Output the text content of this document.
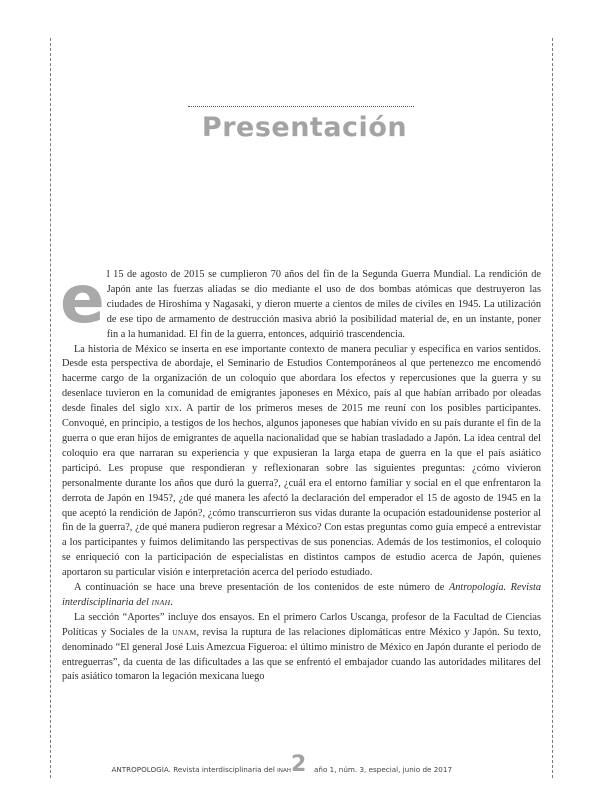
Presentación

el 15 de agosto de 2015 se cumplieron 70 años del fin de la Segunda Guerra Mundial. La rendición de Japón ante las fuerzas aliadas se dio mediante el uso de dos bombas atómicas que destruyeron las ciudades de Hiroshima y Nagasaki, y dieron muerte a cientos de miles de civiles en 1945. La utilización de ese tipo de armamento de destrucción masiva abrió la posibilidad material de, en un instante, poner fin a la humanidad. El fin de la guerra, entonces, adquirió trascendencia.

La historia de México se inserta en ese importante contexto de manera peculiar y específica en varios sentidos. Desde esta perspectiva de abordaje, el Seminario de Estudios Contemporáneos al que pertenezco me encomendó hacerme cargo de la organización de un coloquio que abordara los efectos y repercusiones que la guerra y su desenlace tuvieron en la comunidad de emigrantes japoneses en México, país al que habían arribado por oleadas desde finales del siglo XIX. A partir de los primeros meses de 2015 me reuní con los posibles participantes. Convoqué, en principio, a testigos de los hechos, algunos japoneses que habían vivido en su país durante el fin de la guerra o que eran hijos de emigrantes de aquella nacionalidad que se habían trasladado a Japón. La idea central del coloquio era que narraran su experiencia y que expusieran la larga etapa de guerra en la que el país asiático participó. Les propuse que respondieran y reflexionaran sobre las siguientes preguntas: ¿cómo vivieron personalmente durante los años que duró la guerra?, ¿cuál era el entorno familiar y social en el que enfrentaron la derrota de Japón en 1945?, ¿de qué manera les afectó la declaración del emperador el 15 de agosto de 1945 en la que aceptó la rendición de Japón?, ¿cómo transcurrieron sus vidas durante la ocupación estadounidense posterior al fin de la guerra?, ¿de qué manera pudieron regresar a México? Con estas preguntas como guía empecé a entrevistar a los participantes y fuimos delimitando las perspectivas de sus ponencias. Además de los testimonios, el coloquio se enriqueció con la participación de especialistas en distintos campos de estudio acerca de Japón, quienes aportaron su particular visión e interpretación acerca del periodo estudiado.

A continuación se hace una breve presentación de los contenidos de este número de Antropología. Revista interdisciplinaria del INAH.

La sección “Aportes” incluye dos ensayos. En el primero Carlos Uscanga, profesor de la Facultad de Ciencias Políticas y Sociales de la UNAM, revisa la ruptura de las relaciones diplomáticas entre México y Japón. Su texto, denominado “El general José Luis Amezcua Figueroa: el último ministro de México en Japón durante el periodo de entreguerras”, da cuenta de las dificultades a las que se enfrentó el embajador cuando las autoridades militares del país asiático tomaron la legación mexicana luego

ANTROPOLOGÍA. Revista interdisciplinaria del INAH 2 año 1, núm. 3, especial, junio de 2017
